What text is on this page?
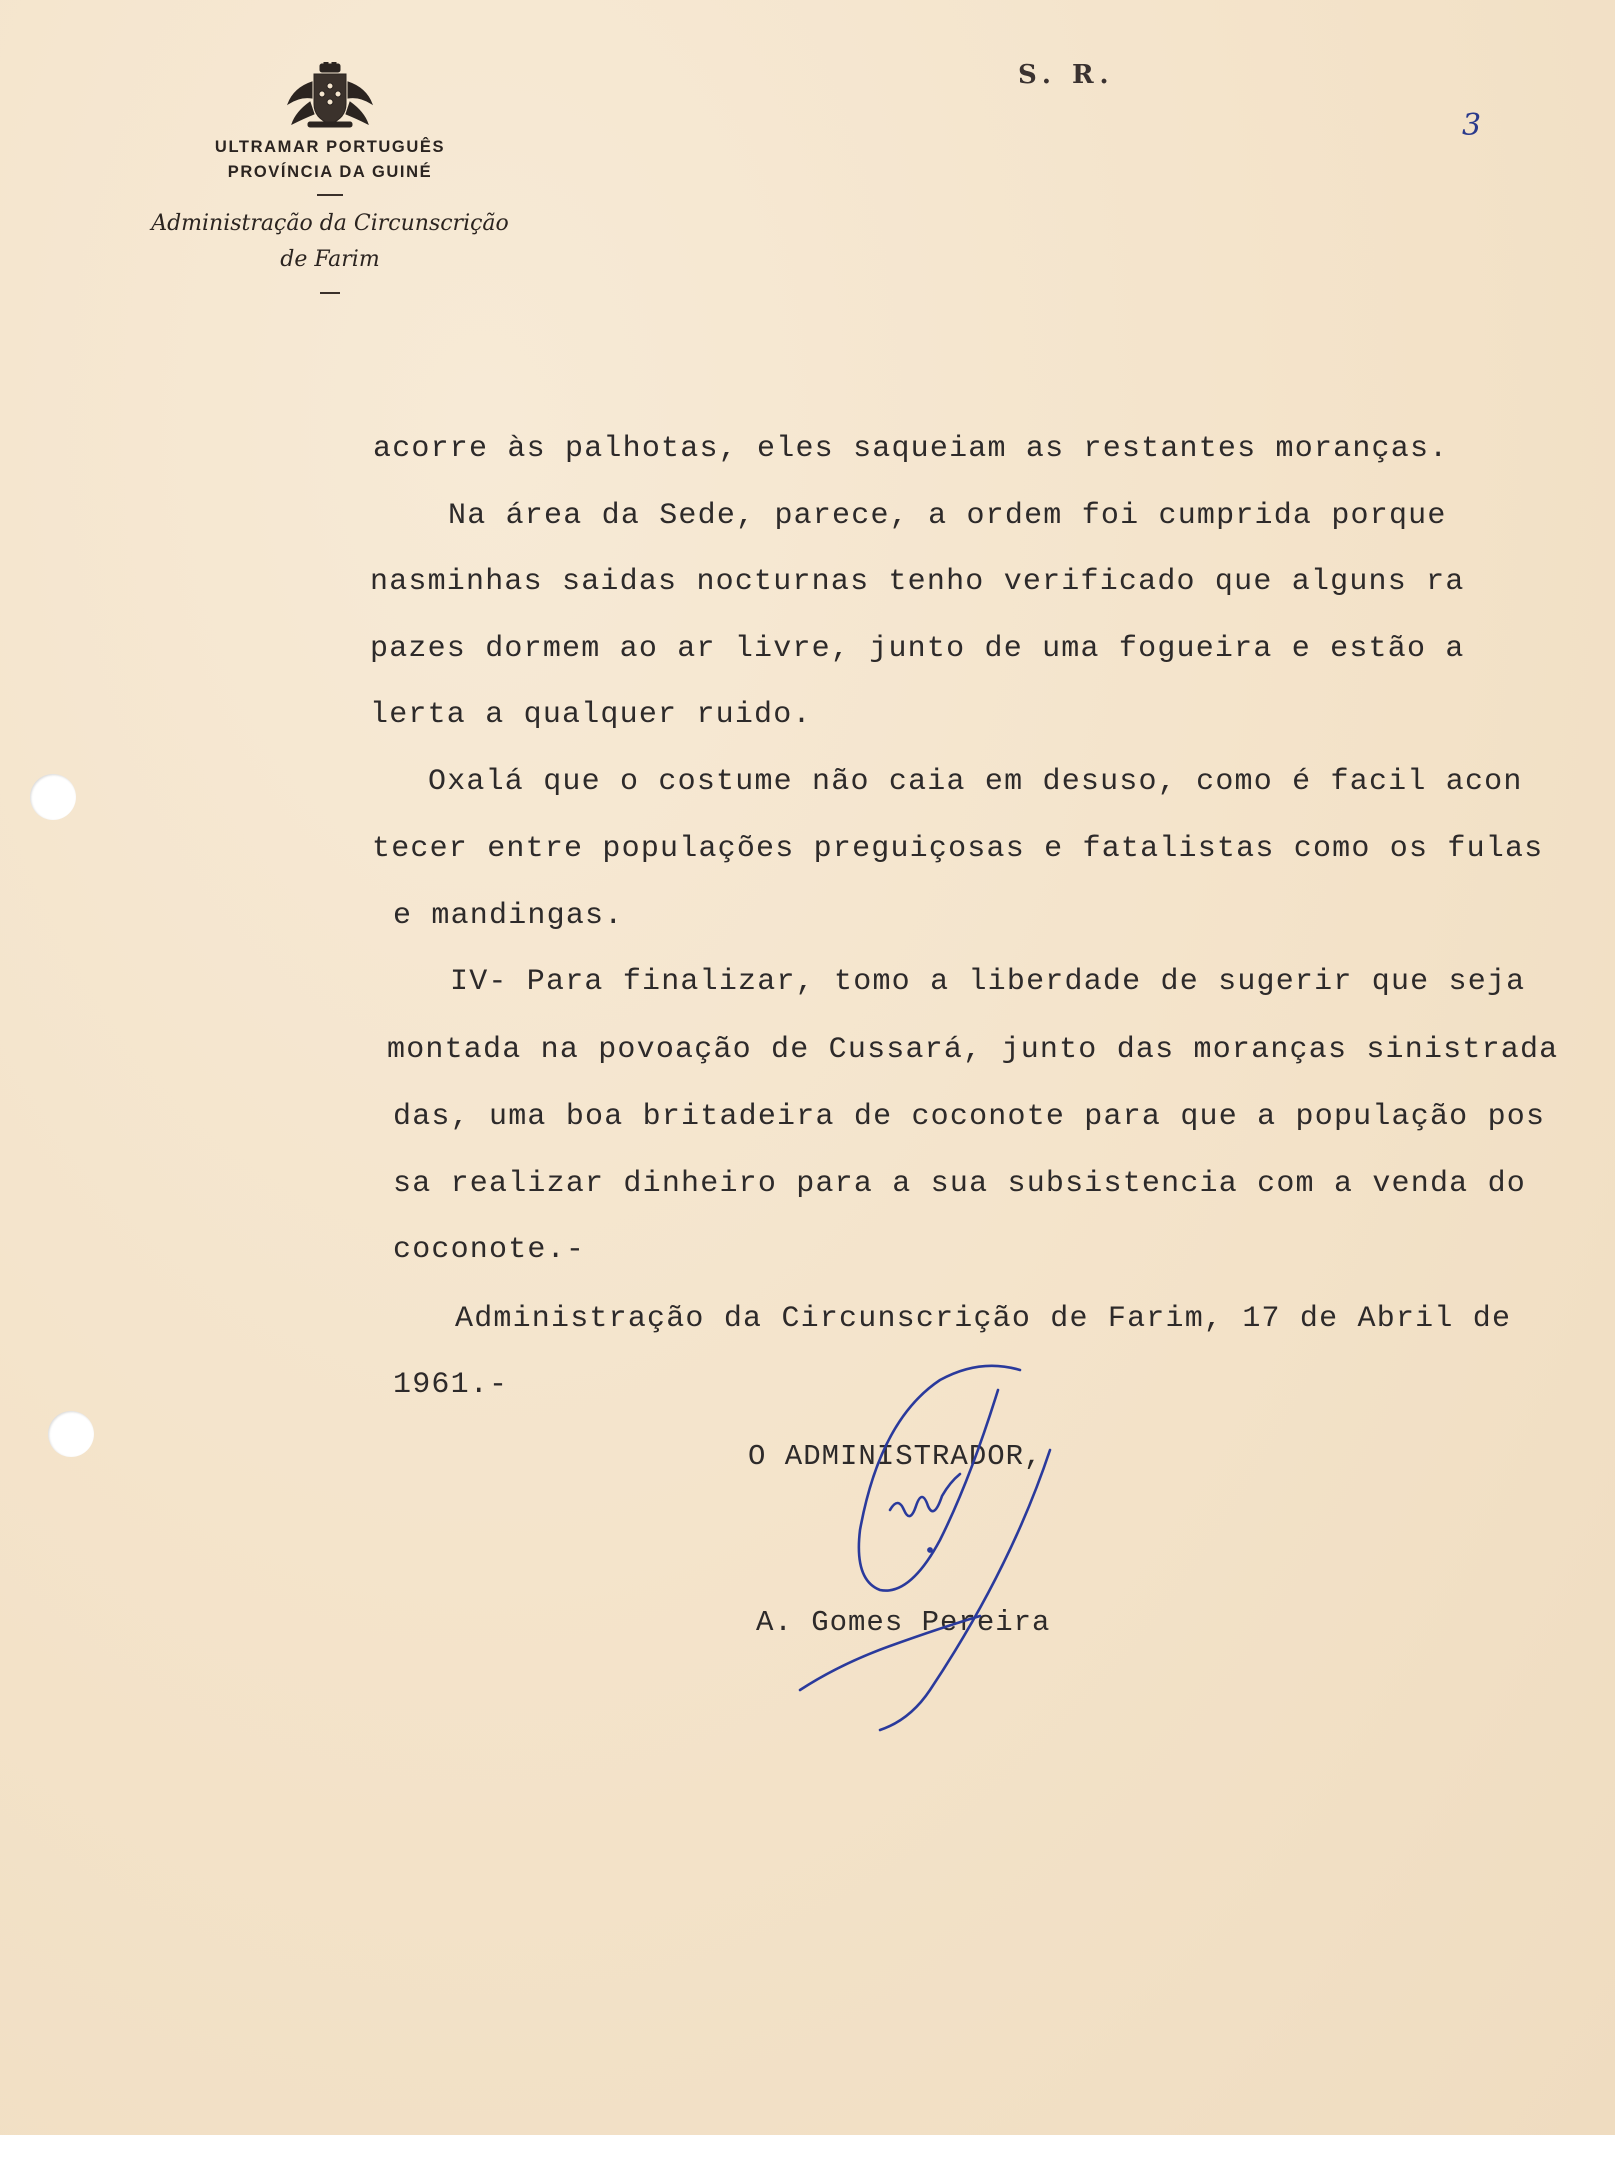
ULTRAMAR PORTUGUÊS
PROVÍNCIA DA GUINÉ
Administração da Circunscrição
de Farim
S. R.
3

acorre às palhotas, eles saqueiam as restantes moranças.

Na área da Sede, parece, a ordem foi cumprida porque

nasminhas saidas nocturnas tenho verificado que alguns ra

pazes dormem ao ar livre, junto de uma fogueira e estão a

lerta a qualquer ruido.

Oxalá que o costume não caia em desuso, como é facil acon

tecer entre populações preguiçosas e fatalistas como os fulas

e mandingas.

IV- Para finalizar, tomo a liberdade de sugerir que seja

montada na povoação de Cussará, junto das moranças sinistrada

das, uma boa britadeira de coconote para que a população pos

sa realizar dinheiro para a sua subsistencia com a venda do

coconote.-

Administração da Circunscrição de Farim, 17 de Abril de

1961.-

O ADMINISTRADOR,
A. Gomes Pereira
